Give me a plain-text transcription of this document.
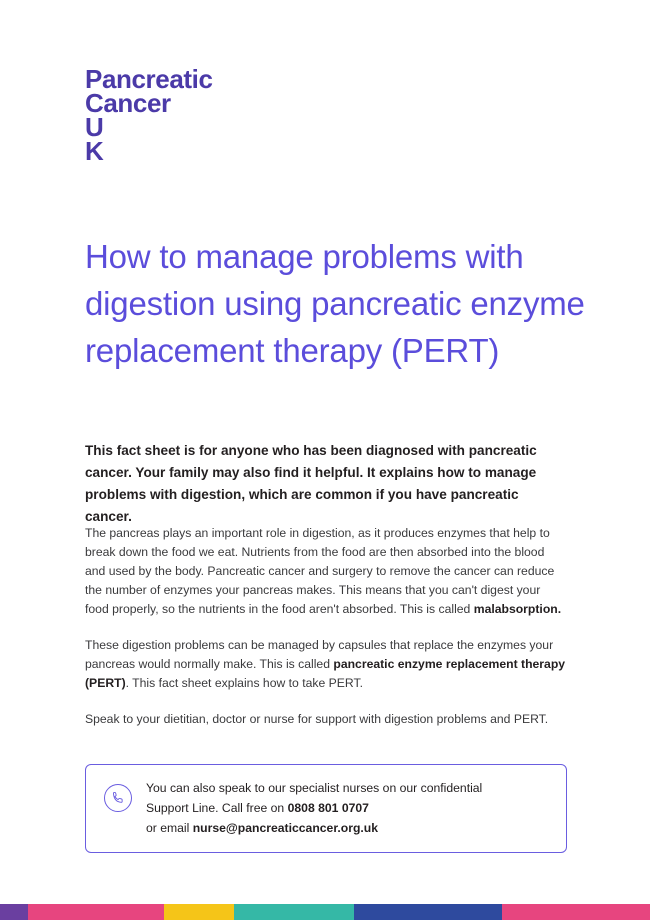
Pancreatic
Cancer
U
K
How to manage problems with digestion using pancreatic enzyme replacement therapy (PERT)

This fact sheet is for anyone who has been diagnosed with pancreatic cancer. Your family may also find it helpful. It explains how to manage problems with digestion, which are common if you have pancreatic cancer.

The pancreas plays an important role in digestion, as it produces enzymes that help to break down the food we eat. Nutrients from the food are then absorbed into the blood and used by the body. Pancreatic cancer and surgery to remove the cancer can reduce the number of enzymes your pancreas makes. This means that you can't digest your food properly, so the nutrients in the food aren't absorbed. This is called malabsorption.

These digestion problems can be managed by capsules that replace the enzymes your pancreas would normally make. This is called pancreatic enzyme replacement therapy (PERT). This fact sheet explains how to take PERT.

Speak to your dietitian, doctor or nurse for support with digestion problems and PERT.

You can also speak to our specialist nurses on our confidential
Support Line. Call free on 0808 801 0707
or email nurse@pancreaticcancer.org.uk
